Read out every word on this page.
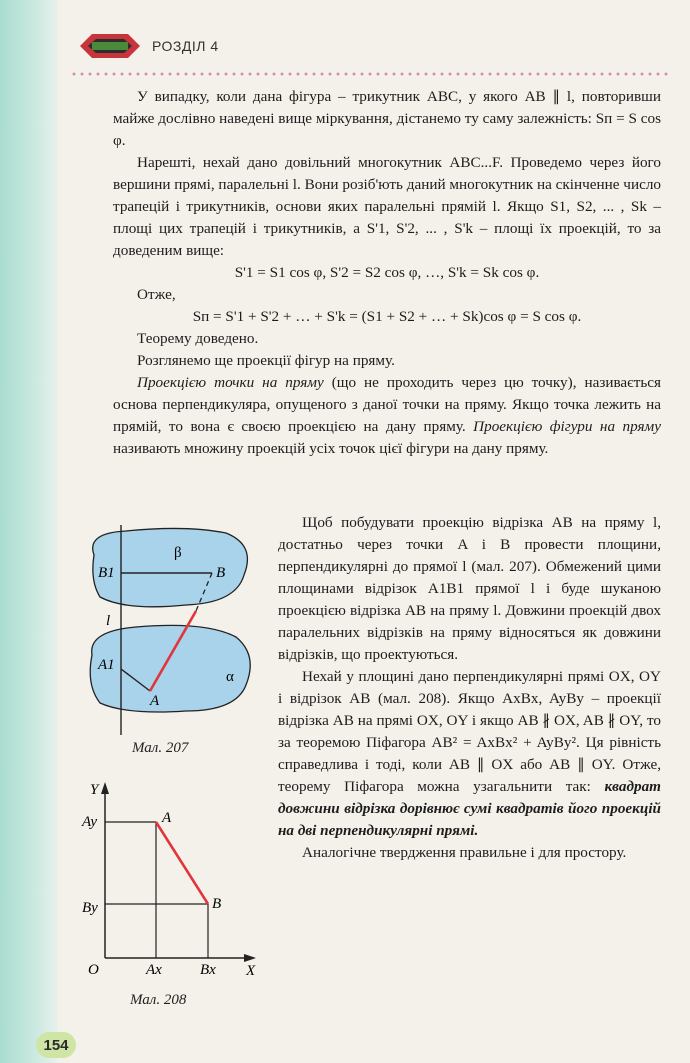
РОЗДІЛ 4

У випадку, коли дана фігура – трикутник ABC, у якого AB ∥ l, повторивши майже дослівно наведені вище міркування, дістанемо ту саму залежність: Sп = S cos φ.

Нарешті, нехай дано довільний многокутник ABC...F. Проведемо через його вершини прямі, паралельні l. Вони розіб'ють даний многокутник на скінченне число трапецій і трикутників, основи яких паралельні прямій l. Якщо S1, S2, ... , Sk – площі цих трапецій і трикутників, а S'1, S'2, ... , S'k – площі їх проекцій, то за доведеним вище:

S'1 = S1 cos φ, S'2 = S2 cos φ, …, S'k = Sk cos φ.

Отже,

Sп = S'1 + S'2 + … + S'k = (S1 + S2 + … + Sk)cos φ = S cos φ.

Теорему доведено.

Розглянемо ще проекції фігур на пряму.

Проекцією точки на пряму (що не проходить через цю точку), називається основа перпендикуляра, опущеного з даної точки на пряму. Якщо точка лежить на прямій, то вона є своєю проекцією на дану пряму. Проекцією фігури на пряму називають множину проекцій усіх точок цієї фігури на дану пряму.

β
B1	B
l
A1
A
α
Мал. 207
Y
X
O
Ay
By
Ax	Bx
A
B
Мал. 208

Щоб побудувати проекцію відрізка AB на пряму l, достатньо через точки A і B провести площини, перпендикулярні до прямої l (мал. 207). Обмежений цими площинами відрізок A1B1 прямої l і буде шуканою проекцією відрізка AB на пряму l. Довжини проекцій двох паралельних відрізків на пряму відносяться як довжини відрізків, що проектуються.

Нехай у площині дано перпендикулярні прямі OX, OY і відрізок AB (мал. 208). Якщо AxBx, AyBy – проекції відрізка AB на прямі OX, OY і якщо AB ∦ OX, AB ∦ OY, то за теоремою Піфагора AB² = AxBx² + AyBy². Ця рівність справедлива і тоді, коли AB ∥ OX або AB ∥ OY. Отже, теорему Піфагора можна узагальнити так: квадрат довжини відрізка дорівнює сумі квадратів його проекцій на дві перпендикулярні прямі.

Аналогічне твердження правильне і для простору.

154
